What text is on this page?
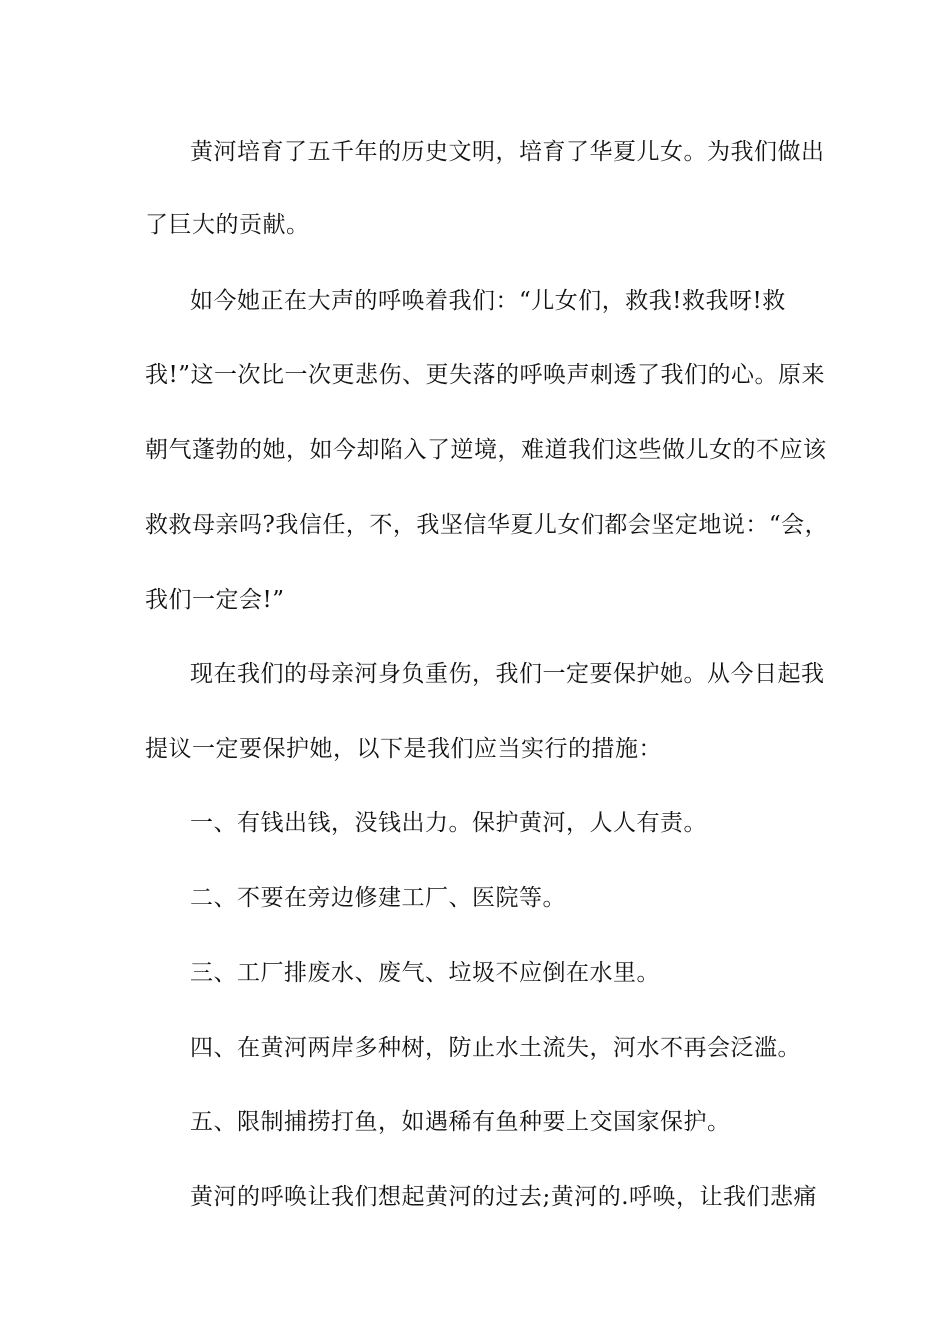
黄河培育了五千年的历史文明，培育了华夏儿女。为我们做出
了巨大的贡献。
如今她正在大声的呼唤着我们：“儿女们，救我!救我呀!救
我!”这一次比一次更悲伤、更失落的呼唤声刺透了我们的心。原来
朝气蓬勃的她，如今却陷入了逆境，难道我们这些做儿女的不应该
救救母亲吗?我信任，不，我坚信华夏儿女们都会坚定地说：“会，
我们一定会!”
现在我们的母亲河身负重伤，我们一定要保护她。从今日起我
提议一定要保护她，以下是我们应当实行的措施：
一、有钱出钱，没钱出力。保护黄河，人人有责。
二、不要在旁边修建工厂、医院等。
三、工厂排废水、废气、垃圾不应倒在水里。
四、在黄河两岸多种树，防止水土流失，河水不再会泛滥。
五、限制捕捞打鱼，如遇稀有鱼种要上交国家保护。
黄河的呼唤让我们想起黄河的过去;黄河的.呼唤，让我们悲痛
